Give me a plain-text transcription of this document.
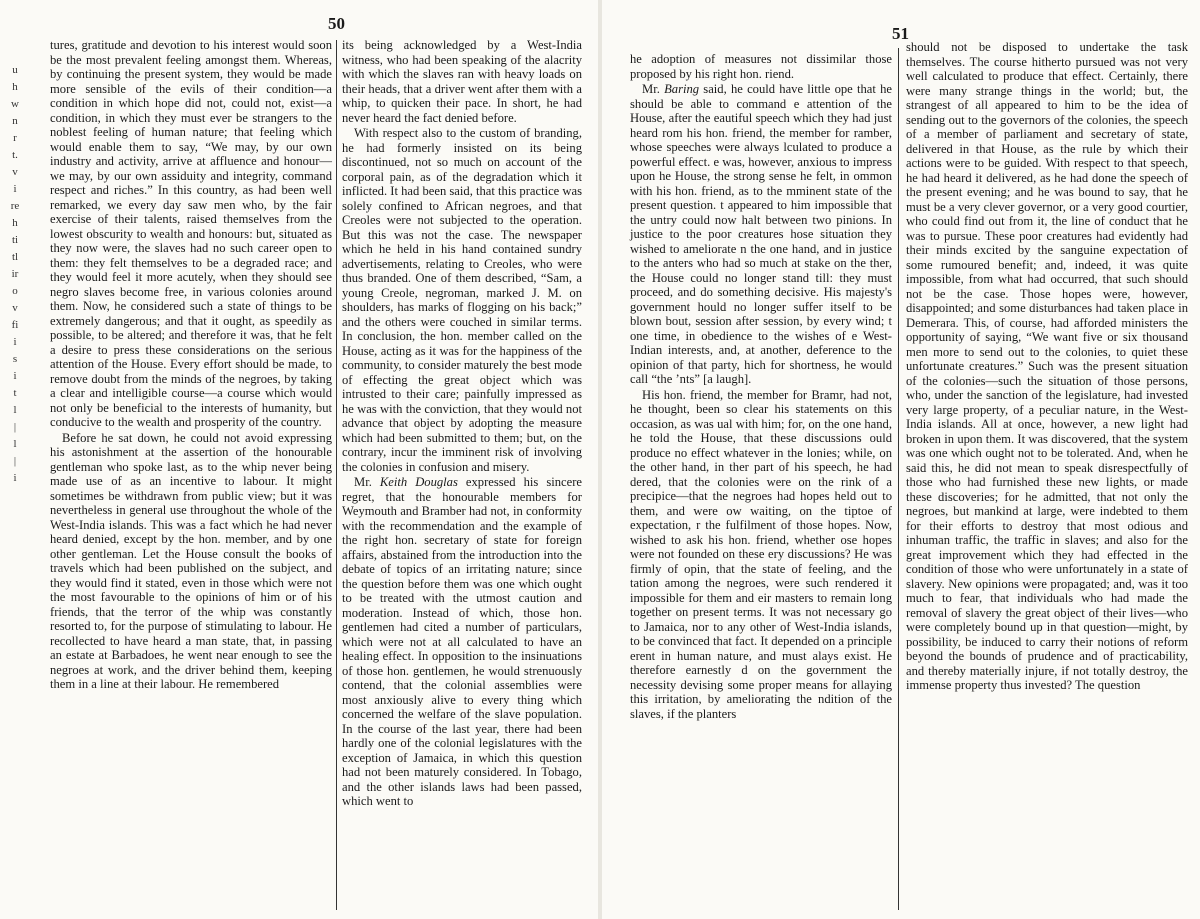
50
u
h
w
n
r
t.
v
i
re
h
ti
tl
ir
o
v
fi
i
s
i
t
l
|
l
|
i

tures, gratitude and devotion to his interest would soon be the most prevalent feeling amongst them. Whereas, by continuing the present system, they would be made more sensible of the evils of their condition—a condition in which hope did not, could not, exist—a condition, in which they must ever be strangers to the noblest feeling of human nature; that feeling which would enable them to say, “We may, by our own industry and activity, arrive at affluence and honour—we may, by our own assiduity and integrity, command respect and riches.” In this country, as had been well remarked, we every day saw men who, by the fair exercise of their talents, raised themselves from the lowest obscurity to wealth and honours: but, situated as they now were, the slaves had no such career open to them: they felt themselves to be a degraded race; and they would feel it more acutely, when they should see negro slaves become free, in various colonies around them. Now, he considered such a state of things to be extremely dangerous; and that it ought, as speedily as possible, to be altered; and therefore it was, that he felt a desire to press these considerations on the serious attention of the House. Every effort should be made, to remove doubt from the minds of the negroes, by taking a clear and intelligible course—a course which would not only be beneficial to the interests of humanity, but conducive to the wealth and prosperity of the country.

Before he sat down, he could not avoid expressing his astonishment at the assertion of the honourable gentleman who spoke last, as to the whip never being made use of as an incentive to labour. It might sometimes be withdrawn from public view; but it was nevertheless in general use throughout the whole of the West-India islands. This was a fact which he had never heard denied, except by the hon. member, and by one other gentleman. Let the House consult the books of travels which had been published on the subject, and they would find it stated, even in those which were not the most favourable to the opinions of him or of his friends, that the terror of the whip was constantly resorted to, for the purpose of stimulating to labour. He recollected to have heard a man state, that, in passing an estate at Barbadoes, he went near enough to see the negroes at work, and the driver behind them, keeping them in a line at their labour. He remembered

its being acknowledged by a West-India witness, who had been speaking of the alacrity with which the slaves ran with heavy loads on their heads, that a driver went after them with a whip, to quicken their pace. In short, he had never heard the fact denied before.

With respect also to the custom of branding, he had formerly insisted on its being discontinued, not so much on account of the corporal pain, as of the degradation which it inflicted. It had been said, that this practice was solely confined to African negroes, and that Creoles were not subjected to the operation. But this was not the case. The newspaper which he held in his hand contained sundry advertisements, relating to Creoles, who were thus branded. One of them described, “Sam, a young Creole, negroman, marked J. M. on shoulders, has marks of flogging on his back;” and the others were couched in similar terms. In conclusion, the hon. member called on the House, acting as it was for the happiness of the community, to consider maturely the best mode of effecting the great object which was intrusted to their care; painfully impressed as he was with the conviction, that they would not advance that object by adopting the measure which had been submitted to them; but, on the contrary, incur the imminent risk of involving the colonies in confusion and misery.

Mr. Keith Douglas expressed his sincere regret, that the honourable members for Weymouth and Bramber had not, in conformity with the recommendation and the example of the right hon. secretary of state for foreign affairs, abstained from the introduction into the debate of topics of an irritating nature; since the question before them was one which ought to be treated with the utmost caution and moderation. Instead of which, those hon. gentlemen had cited a number of particulars, which were not at all calculated to have an healing effect. In opposition to the insinuations of those hon. gentlemen, he would strenuously contend, that the colonial assemblies were most anxiously alive to every thing which concerned the welfare of the slave population. In the course of the last year, there had been hardly one of the colonial legislatures with the exception of Jamaica, in which this question had not been maturely considered. In Tobago, and the other islands laws had been passed, which went to

51

he adoption of measures not dissimilar those proposed by his right hon. riend.

Mr. Baring said, he could have little ope that he should be able to command e attention of the House, after the eautiful speech which they had just heard rom his hon. friend, the member for ramber, whose speeches were always lculated to produce a powerful effect. e was, however, anxious to impress upon he House, the strong sense he felt, in ommon with his hon. friend, as to the mminent state of the present question. t appeared to him impossible that the untry could now halt between two pinions. In justice to the poor creatures hose situation they wished to ameliorate n the one hand, and in justice to the anters who had so much at stake on the ther, the House could no longer stand till: they must proceed, and do something decisive. His majesty's government hould no longer suffer itself to be blown bout, session after session, by every wind; t one time, in obedience to the wishes of e West-Indian interests, and, at another, deference to the opinion of that party, hich for shortness, he would call “the ’nts” [a laugh].

His hon. friend, the member for Bramr, had not, he thought, been so clear his statements on this occasion, as was ual with him; for, on the one hand, he told the House, that these discussions ould produce no effect whatever in the lonies; while, on the other hand, in ther part of his speech, he had dered, that the colonies were on the rink of a precipice—that the negroes had hopes held out to them, and were ow waiting, on the tiptoe of expectation, r the fulfilment of those hopes. Now, wished to ask his hon. friend, whether ose hopes were not founded on these ery discussions? He was firmly of opin, that the state of feeling, and the tation among the negroes, were such rendered it impossible for them and eir masters to remain long together on present terms. It was not necessary go to Jamaica, nor to any other of West-India islands, to be convinced that fact. It depended on a principle erent in human nature, and must alays exist. He therefore earnestly d on the government the necessity devising some proper means for allaying this irritation, by ameliorating the ndition of the slaves, if the planters

should not be disposed to undertake the task themselves. The course hitherto pursued was not very well calculated to produce that effect. Certainly, there were many strange things in the world; but, the strangest of all appeared to him to be the idea of sending out to the governors of the colonies, the speech of a member of parliament and secretary of state, delivered in that House, as the rule by which their actions were to be guided. With respect to that speech, he had heard it delivered, as he had done the speech of the present evening; and he was bound to say, that he must be a very clever governor, or a very good courtier, who could find out from it, the line of conduct that he was to pursue. These poor creatures had evidently had their minds excited by the sanguine expectation of some rumoured benefit; and, indeed, it was quite impossible, from what had occurred, that such should not be the case. Those hopes were, however, disappointed; and some disturbances had taken place in Demerara. This, of course, had afforded ministers the opportunity of saying, “We want five or six thousand men more to send out to the colonies, to quiet these unfortunate creatures.” Such was the present situation of the colonies—such the situation of those persons, who, under the sanction of the legislature, had invested very large property, of a peculiar nature, in the West-India islands. All at once, however, a new light had broken in upon them. It was discovered, that the system was one which ought not to be tolerated. And, when he said this, he did not mean to speak disrespectfully of those who had furnished these new lights, or made these discoveries; for he admitted, that not only the negroes, but mankind at large, were indebted to them for their efforts to destroy that most odious and inhuman traffic, the traffic in slaves; and also for the great improvement which they had effected in the condition of those who were unfortunately in a state of slavery. New opinions were propagated; and, was it too much to fear, that individuals who had made the removal of slavery the great object of their lives—who were completely bound up in that question—might, by possibility, be induced to carry their notions of reform beyond the bounds of prudence and of practicability, and thereby materially injure, if not totally destroy, the immense property thus invested? The question
